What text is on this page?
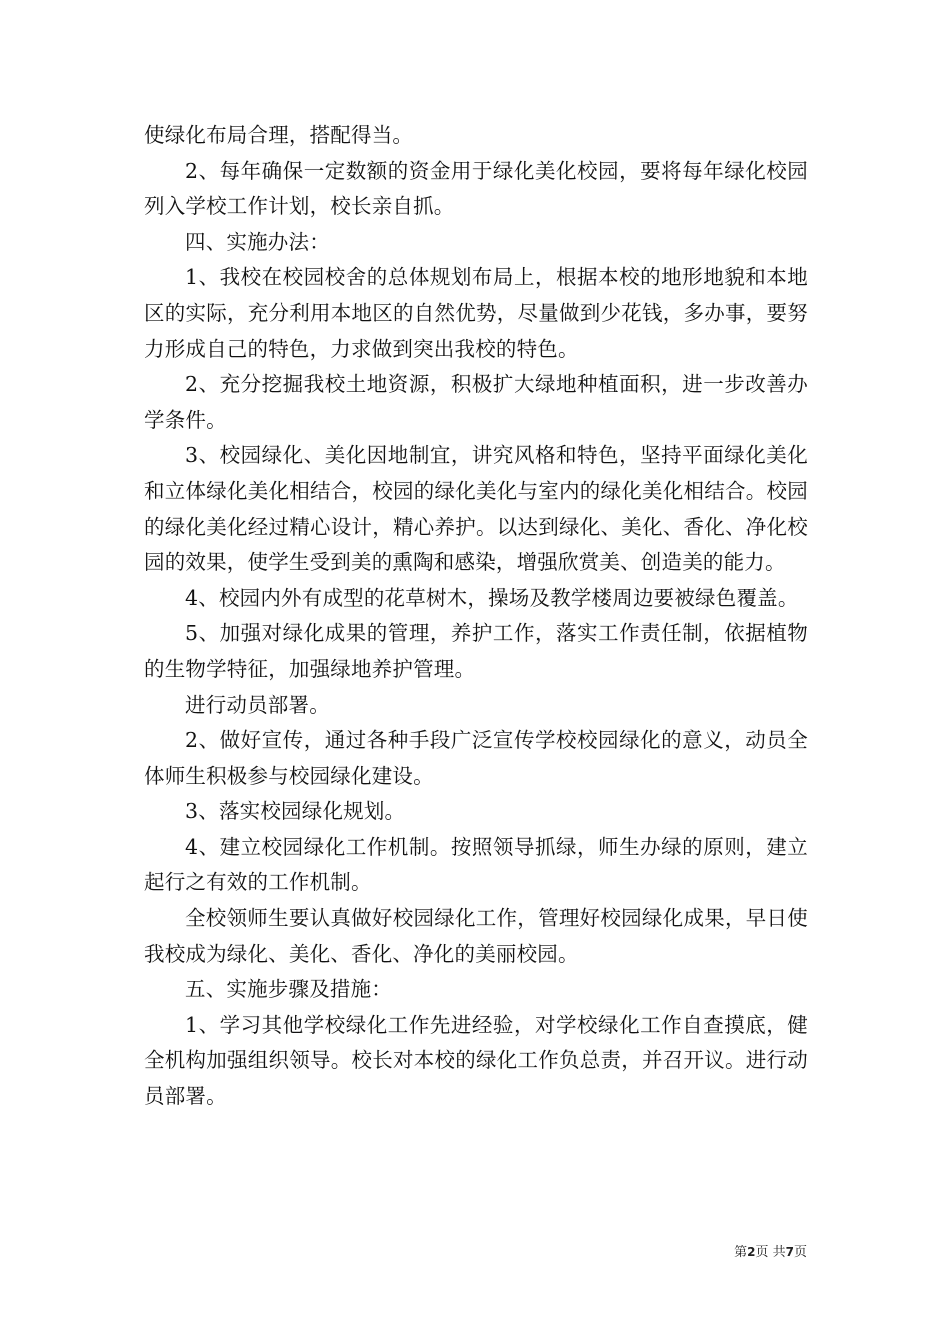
使绿化布局合理，搭配得当。

2、每年确保一定数额的资金用于绿化美化校园，要将每年绿化校园列入学校工作计划，校长亲自抓。

四、实施办法：

1、我校在校园校舍的总体规划布局上，根据本校的地形地貌和本地区的实际，充分利用本地区的自然优势，尽量做到少花钱，多办事，要努力形成自己的特色，力求做到突出我校的特色。

2、充分挖掘我校土地资源，积极扩大绿地种植面积，进一步改善办学条件。

3、校园绿化、美化因地制宜，讲究风格和特色，坚持平面绿化美化和立体绿化美化相结合，校园的绿化美化与室内的绿化美化相结合。校园的绿化美化经过精心设计，精心养护。以达到绿化、美化、香化、净化校园的效果，使学生受到美的熏陶和感染，增强欣赏美、创造美的能力。

4、校园内外有成型的花草树木，操场及教学楼周边要被绿色覆盖。

5、加强对绿化成果的管理，养护工作，落实工作责任制，依据植物的生物学特征，加强绿地养护管理。

进行动员部署。

2、做好宣传，通过各种手段广泛宣传学校校园绿化的意义，动员全体师生积极参与校园绿化建设。

3、落实校园绿化规划。

4、建立校园绿化工作机制。按照领导抓绿，师生办绿的原则，建立起行之有效的工作机制。

全校领师生要认真做好校园绿化工作，管理好校园绿化成果，早日使我校成为绿化、美化、香化、净化的美丽校园。

五、实施步骤及措施：

1、学习其他学校绿化工作先进经验，对学校绿化工作自查摸底，健全机构加强组织领导。校长对本校的绿化工作负总责，并召开议。进行动员部署。

第2页 共7页
